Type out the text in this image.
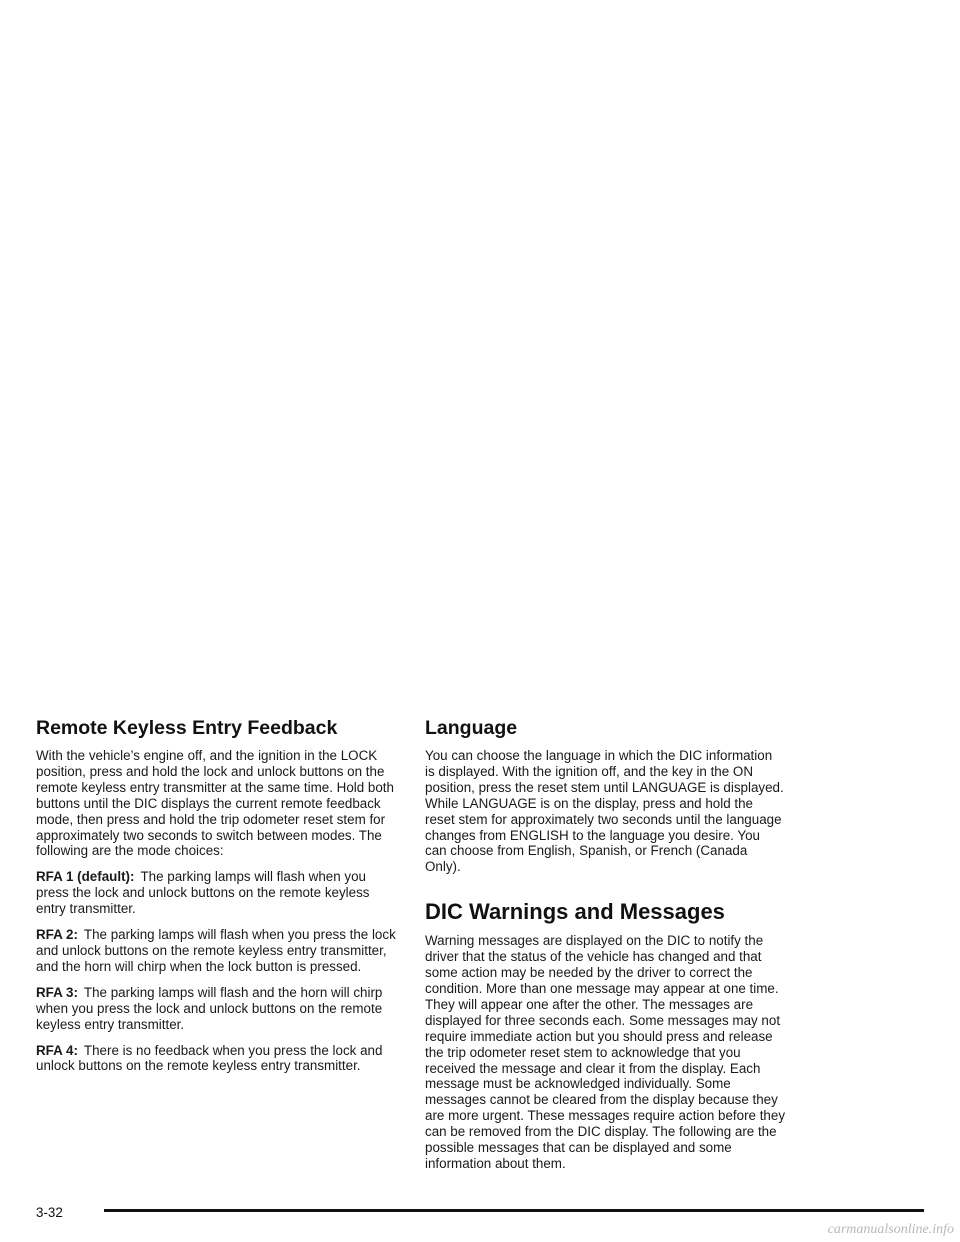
Remote Keyless Entry Feedback

With the vehicle’s engine off, and the ignition in the LOCK position, press and hold the lock and unlock buttons on the remote keyless entry transmitter at the same time. Hold both buttons until the DIC displays the current remote feedback mode, then press and hold the trip odometer reset stem for approximately two seconds to switch between modes. The following are the mode choices:

RFA 1 (default): The parking lamps will flash when you press the lock and unlock buttons on the remote keyless entry transmitter.

RFA 2: The parking lamps will flash when you press the lock and unlock buttons on the remote keyless entry transmitter, and the horn will chirp when the lock button is pressed.

RFA 3: The parking lamps will flash and the horn will chirp when you press the lock and unlock buttons on the remote keyless entry transmitter.

RFA 4: There is no feedback when you press the lock and unlock buttons on the remote keyless entry transmitter.

Language

You can choose the language in which the DIC information is displayed. With the ignition off, and the key in the ON position, press the reset stem until LANGUAGE is displayed. While LANGUAGE is on the display, press and hold the reset stem for approximately two seconds until the language changes from ENGLISH to the language you desire. You can choose from English, Spanish, or French (Canada Only).

DIC Warnings and Messages

Warning messages are displayed on the DIC to notify the driver that the status of the vehicle has changed and that some action may be needed by the driver to correct the condition. More than one message may appear at one time. They will appear one after the other. The messages are displayed for three seconds each. Some messages may not require immediate action but you should press and release the trip odometer reset stem to acknowledge that you received the message and clear it from the display. Each message must be acknowledged individually. Some messages cannot be cleared from the display because they are more urgent. These messages require action before they can be removed from the DIC display. The following are the possible messages that can be displayed and some information about them.

3-32
carmanualsonline.info
